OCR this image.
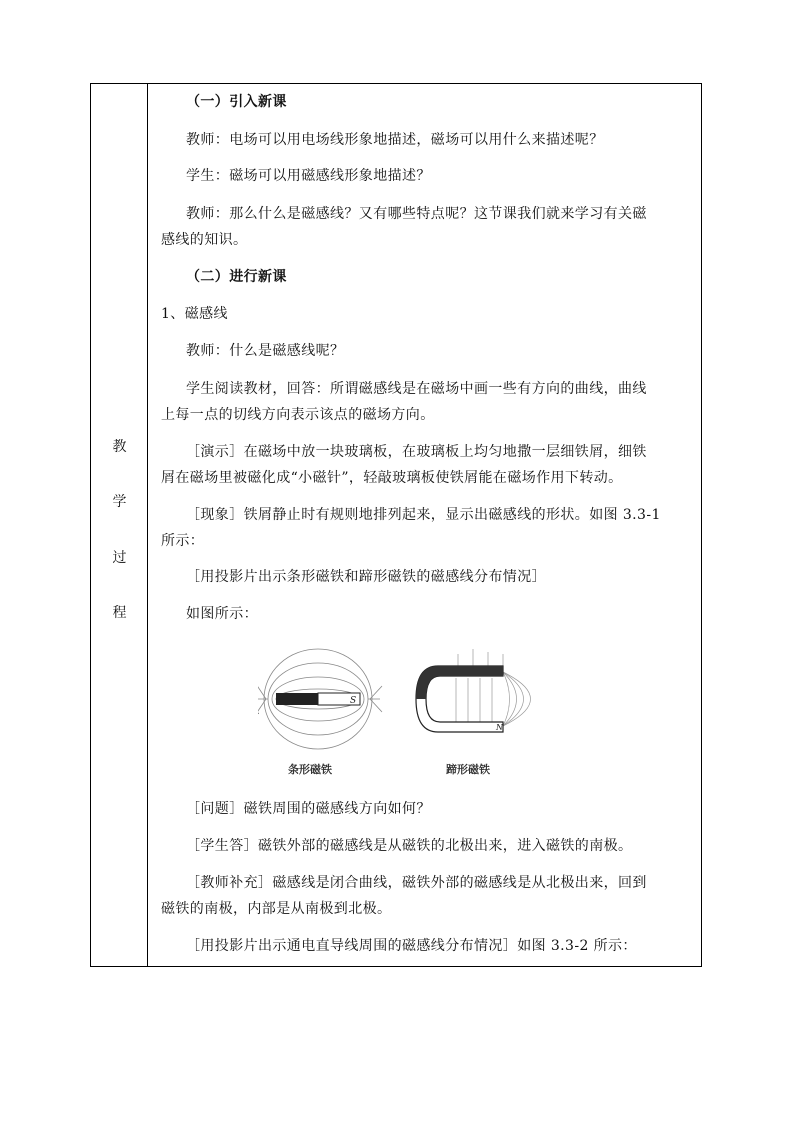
教
学
过
程
（一）引入新课
教师：电场可以用电场线形象地描述，磁场可以用什么来描述呢？
学生：磁场可以用磁感线形象地描述？
教师：那么什么是磁感线？又有哪些特点呢？这节课我们就来学习有关磁
感线的知识。
（二）进行新课
1、磁感线
教师：什么是磁感线呢？
学生阅读教材，回答：所谓磁感线是在磁场中画一些有方向的曲线，曲线
上每一点的切线方向表示该点的磁场方向。
［演示］在磁场中放一块玻璃板，在玻璃板上均匀地撒一层细铁屑，细铁
屑在磁场里被磁化成“小磁针”，轻敲玻璃板使铁屑能在磁场作用下转动。
［现象］铁屑静止时有规则地排列起来，显示出磁感线的形状。如图 3.3-1
所示：
［用投影片出示条形磁铁和蹄形磁铁的磁感线分布情况］
如图所示：
S
N
条形磁铁	蹄形磁铁
［问题］磁铁周围的磁感线方向如何？
［学生答］磁铁外部的磁感线是从磁铁的北极出来，进入磁铁的南极。
［教师补充］磁感线是闭合曲线，磁铁外部的磁感线是从北极出来，回到
磁铁的南极，内部是从南极到北极。
［用投影片出示通电直导线周围的磁感线分布情况］如图 3.3-2 所示：
